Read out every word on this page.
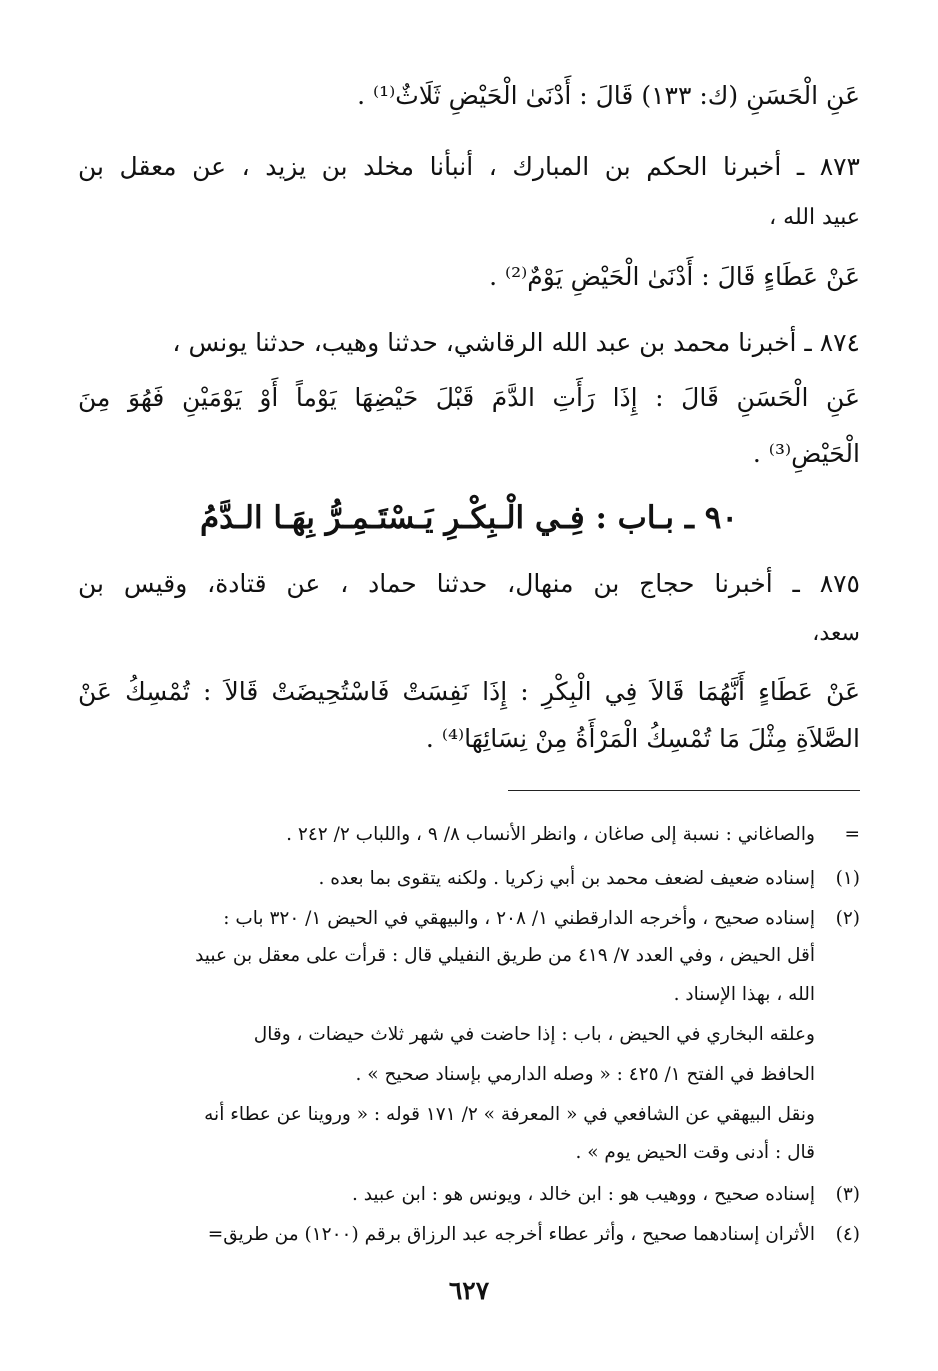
عَنِ الْحَسَنِ (ك: ١٣٣) قَالَ : أَدْنَىٰ الْحَيْضِ ثَلَاثٌ⁽¹⁾ .
٨٧٣ ـ أخبرنا الحكم بن المبارك ، أنبأنا مخلد بن يزيد ، عن معقل بن
عبيد الله ،
عَنْ عَطَاءٍ قَالَ : أَدْنَىٰ الْحَيْضِ يَوْمٌ⁽²⁾ .
٨٧٤ ـ أخبرنا محمد بن عبد الله الرقاشي، حدثنا وهيب، حدثنا يونس ،
عَنِ الْحَسَنِ قَالَ : إِذَا رَأَتِ الدَّمَ قَبْلَ حَيْضِهَا يَوْماً أَوْ يَوْمَيْنِ فَهُوَ مِنَ
الْحَيْضِ⁽³⁾ .
٩٠ ـ بـاب : فِـي الْـبِكْـرِ يَـسْتَـمِـرُّ بِهَـا الـدَّمُ
٨٧٥ ـ أخبرنا حجاج بن منهال، حدثنا حماد ، عن قتادة، وقيس بن
سعد،
عَنْ عَطَاءٍ أَنَّهُمَا قَالاَ فِي الْبِكْرِ : إِذَا نَفِسَتْ فَاسْتُحِيضَتْ قَالاَ : تُمْسِكُ عَنْ
الصَّلاَةِ مِثْلَ مَا تُمْسِكُ الْمَرْأَةُ مِنْ نِسَائِهَا⁽⁴⁾ .
=والصاغاني : نسبة إلى صاغان ، وانظر الأنساب ٨/ ٩ ، واللباب ٢/ ٢٤٢ .
(١)إسناده ضعيف لضعف محمد بن أبي زكريا . ولكنه يتقوى بما بعده .
(٢)إسناده صحيح ، وأخرجه الدارقطني ١/ ٢٠٨ ، والبيهقي في الحيض ١/ ٣٢٠ باب :
أقل الحيض ، وفي العدد ٧/ ٤١٩ من طريق النفيلي قال : قرأت على معقل بن عبيد
الله ، بهذا الإسناد .
وعلقه البخاري في الحيض ، باب : إذا حاضت في شهر ثلاث حيضات ، وقال
الحافظ في الفتح ١/ ٤٢٥ : « وصله الدارمي بإسناد صحيح » .
ونقل البيهقي عن الشافعي في « المعرفة » ٢/ ١٧١ قوله : « وروينا عن عطاء أنه
قال : أدنى وقت الحيض يوم » .
(٣)إسناده صحيح ، ووهيب هو : ابن خالد ، ويونس هو : ابن عبيد .
(٤)الأثران إسنادهما صحيح ، وأثر عطاء أخرجه عبد الرزاق برقم (١٢٠٠) من طريق=
٦٢٧
